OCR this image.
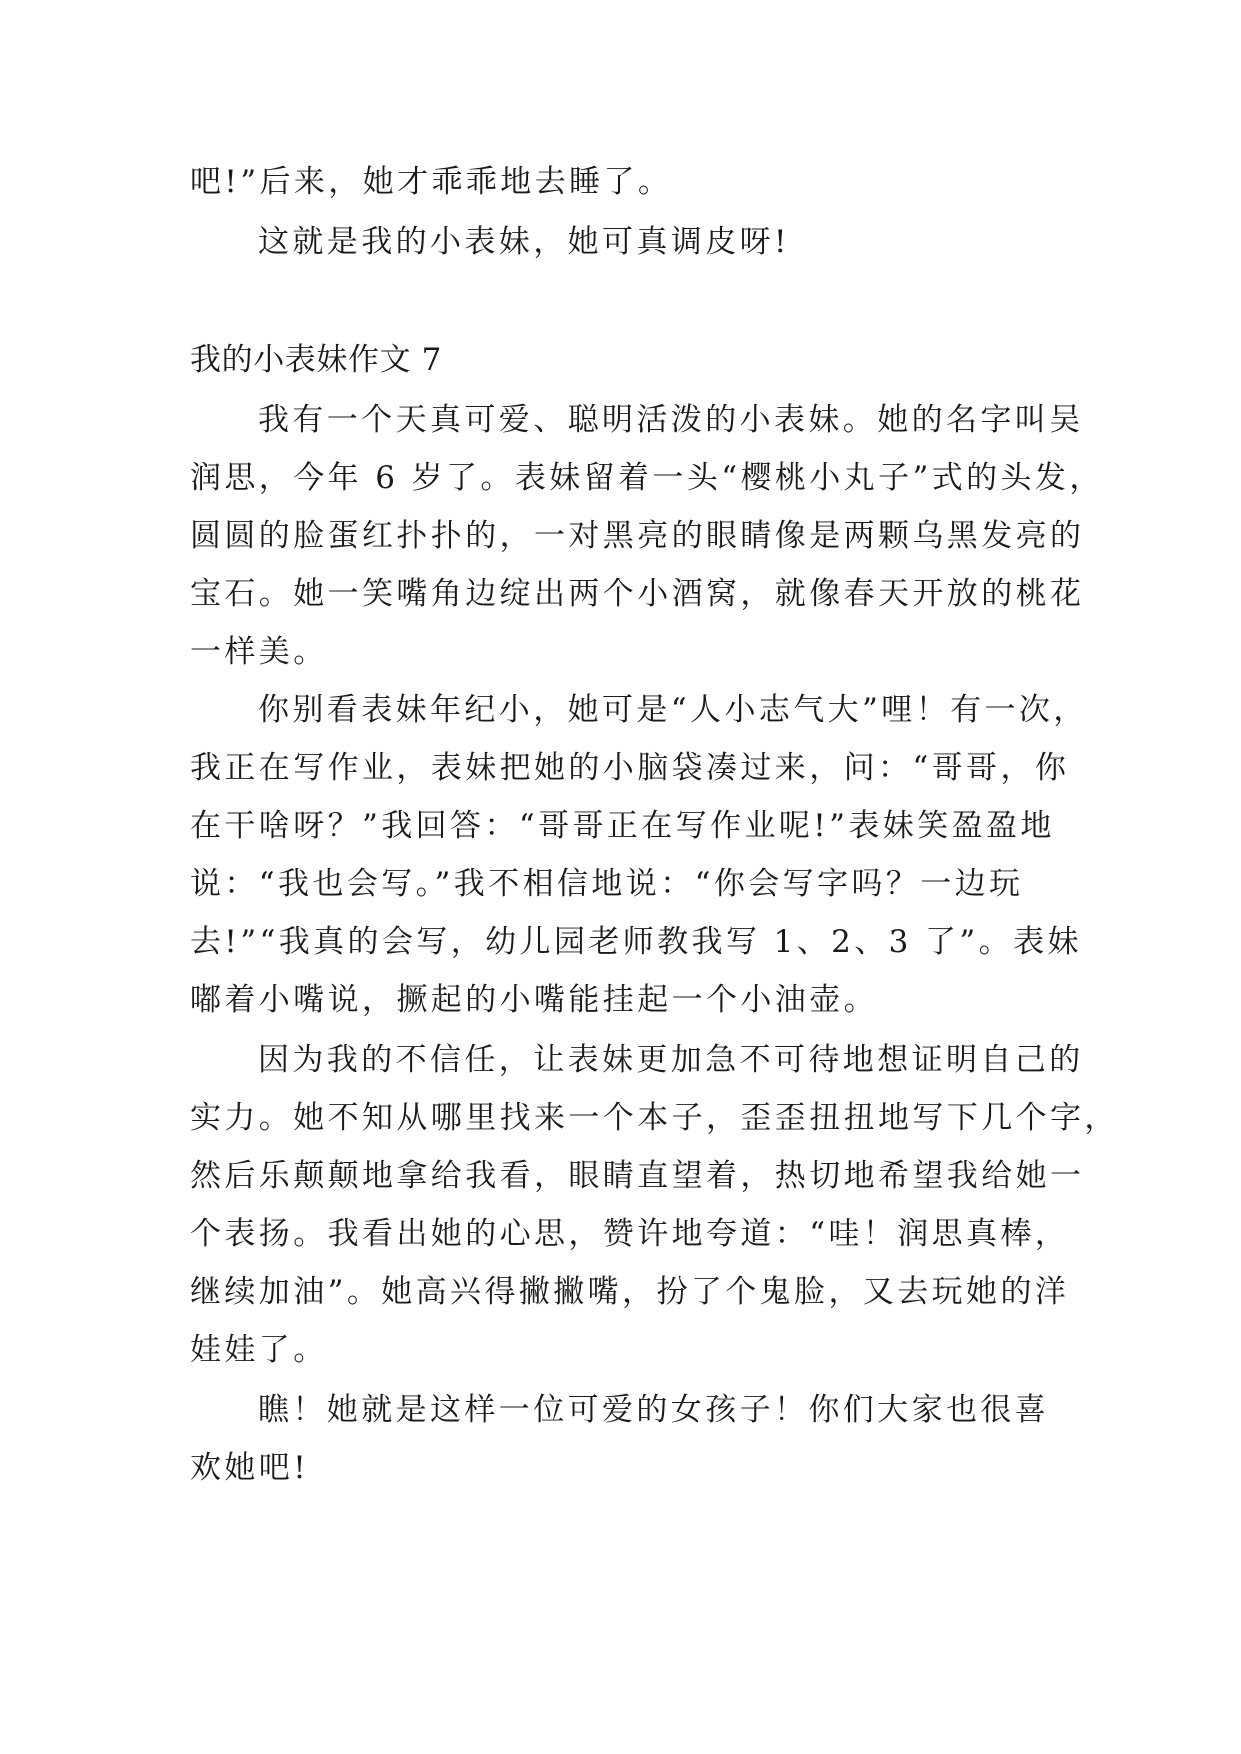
吧!”后来，她才乖乖地去睡了。
这就是我的小表妹，她可真调皮呀!
我的小表妹作文 7
我有一个天真可爱、聪明活泼的小表妹。她的名字叫吴
润思，今年 6 岁了。表妹留着一头“樱桃小丸子”式的头发，
圆圆的脸蛋红扑扑的，一对黑亮的眼睛像是两颗乌黑发亮的
宝石。她一笑嘴角边绽出两个小酒窝，就像春天开放的桃花
一样美。
你别看表妹年纪小，她可是“人小志气大”哩！有一次，
我正在写作业，表妹把她的小脑袋凑过来，问：“哥哥，你
在干啥呀？”我回答：“哥哥正在写作业呢!”表妹笑盈盈地
说：“我也会写。”我不相信地说：“你会写字吗？一边玩
去!”“我真的会写，幼儿园老师教我写 1、2、3 了”。表妹
嘟着小嘴说，撅起的小嘴能挂起一个小油壶。
因为我的不信任，让表妹更加急不可待地想证明自己的
实力。她不知从哪里找来一个本子，歪歪扭扭地写下几个字，
然后乐颠颠地拿给我看，眼睛直望着，热切地希望我给她一
个表扬。我看出她的心思，赞许地夸道：“哇！润思真棒，
继续加油”。她高兴得撇撇嘴，扮了个鬼脸，又去玩她的洋
娃娃了。
瞧！她就是这样一位可爱的女孩子！你们大家也很喜
欢她吧!
